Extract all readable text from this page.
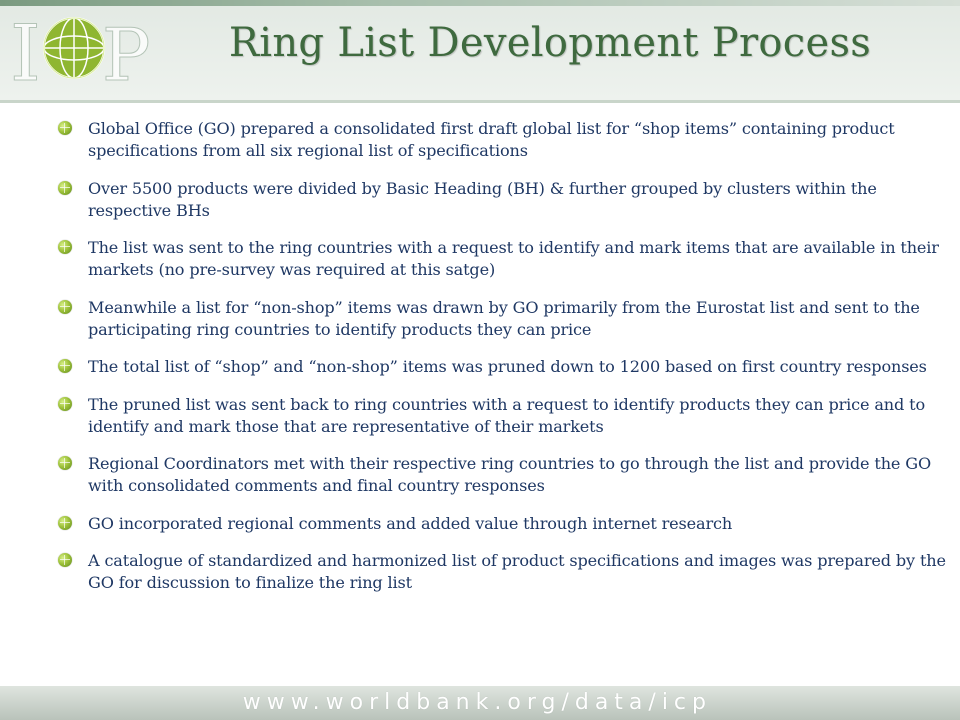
I P	Ring List Development Process
Global Office (GO) prepared a consolidated first draft global list for “shop items” containing product specifications from all six regional list of specifications
Over 5500 products were divided by Basic Heading (BH) & further grouped by clusters within the respective BHs
The list was sent to the ring countries with a request to identify and mark items that are available in their markets (no pre-survey was required at this satge)
Meanwhile a list for “non-shop” items was drawn by GO primarily from the Eurostat list and sent to the participating ring countries to identify products they can price
The total list of “shop” and “non-shop” items was pruned down to 1200 based on first country responses
The pruned list was sent back to ring countries with a request to identify products they can price and to identify and mark those that are representative of their markets
Regional Coordinators met with their respective ring countries to go through the list and provide the GO with consolidated comments and final country responses
GO incorporated regional comments and added value through internet research
A catalogue of standardized and harmonized list of product specifications and images was prepared by the GO for discussion to finalize the ring list
www.worldbank.org/data/icp
